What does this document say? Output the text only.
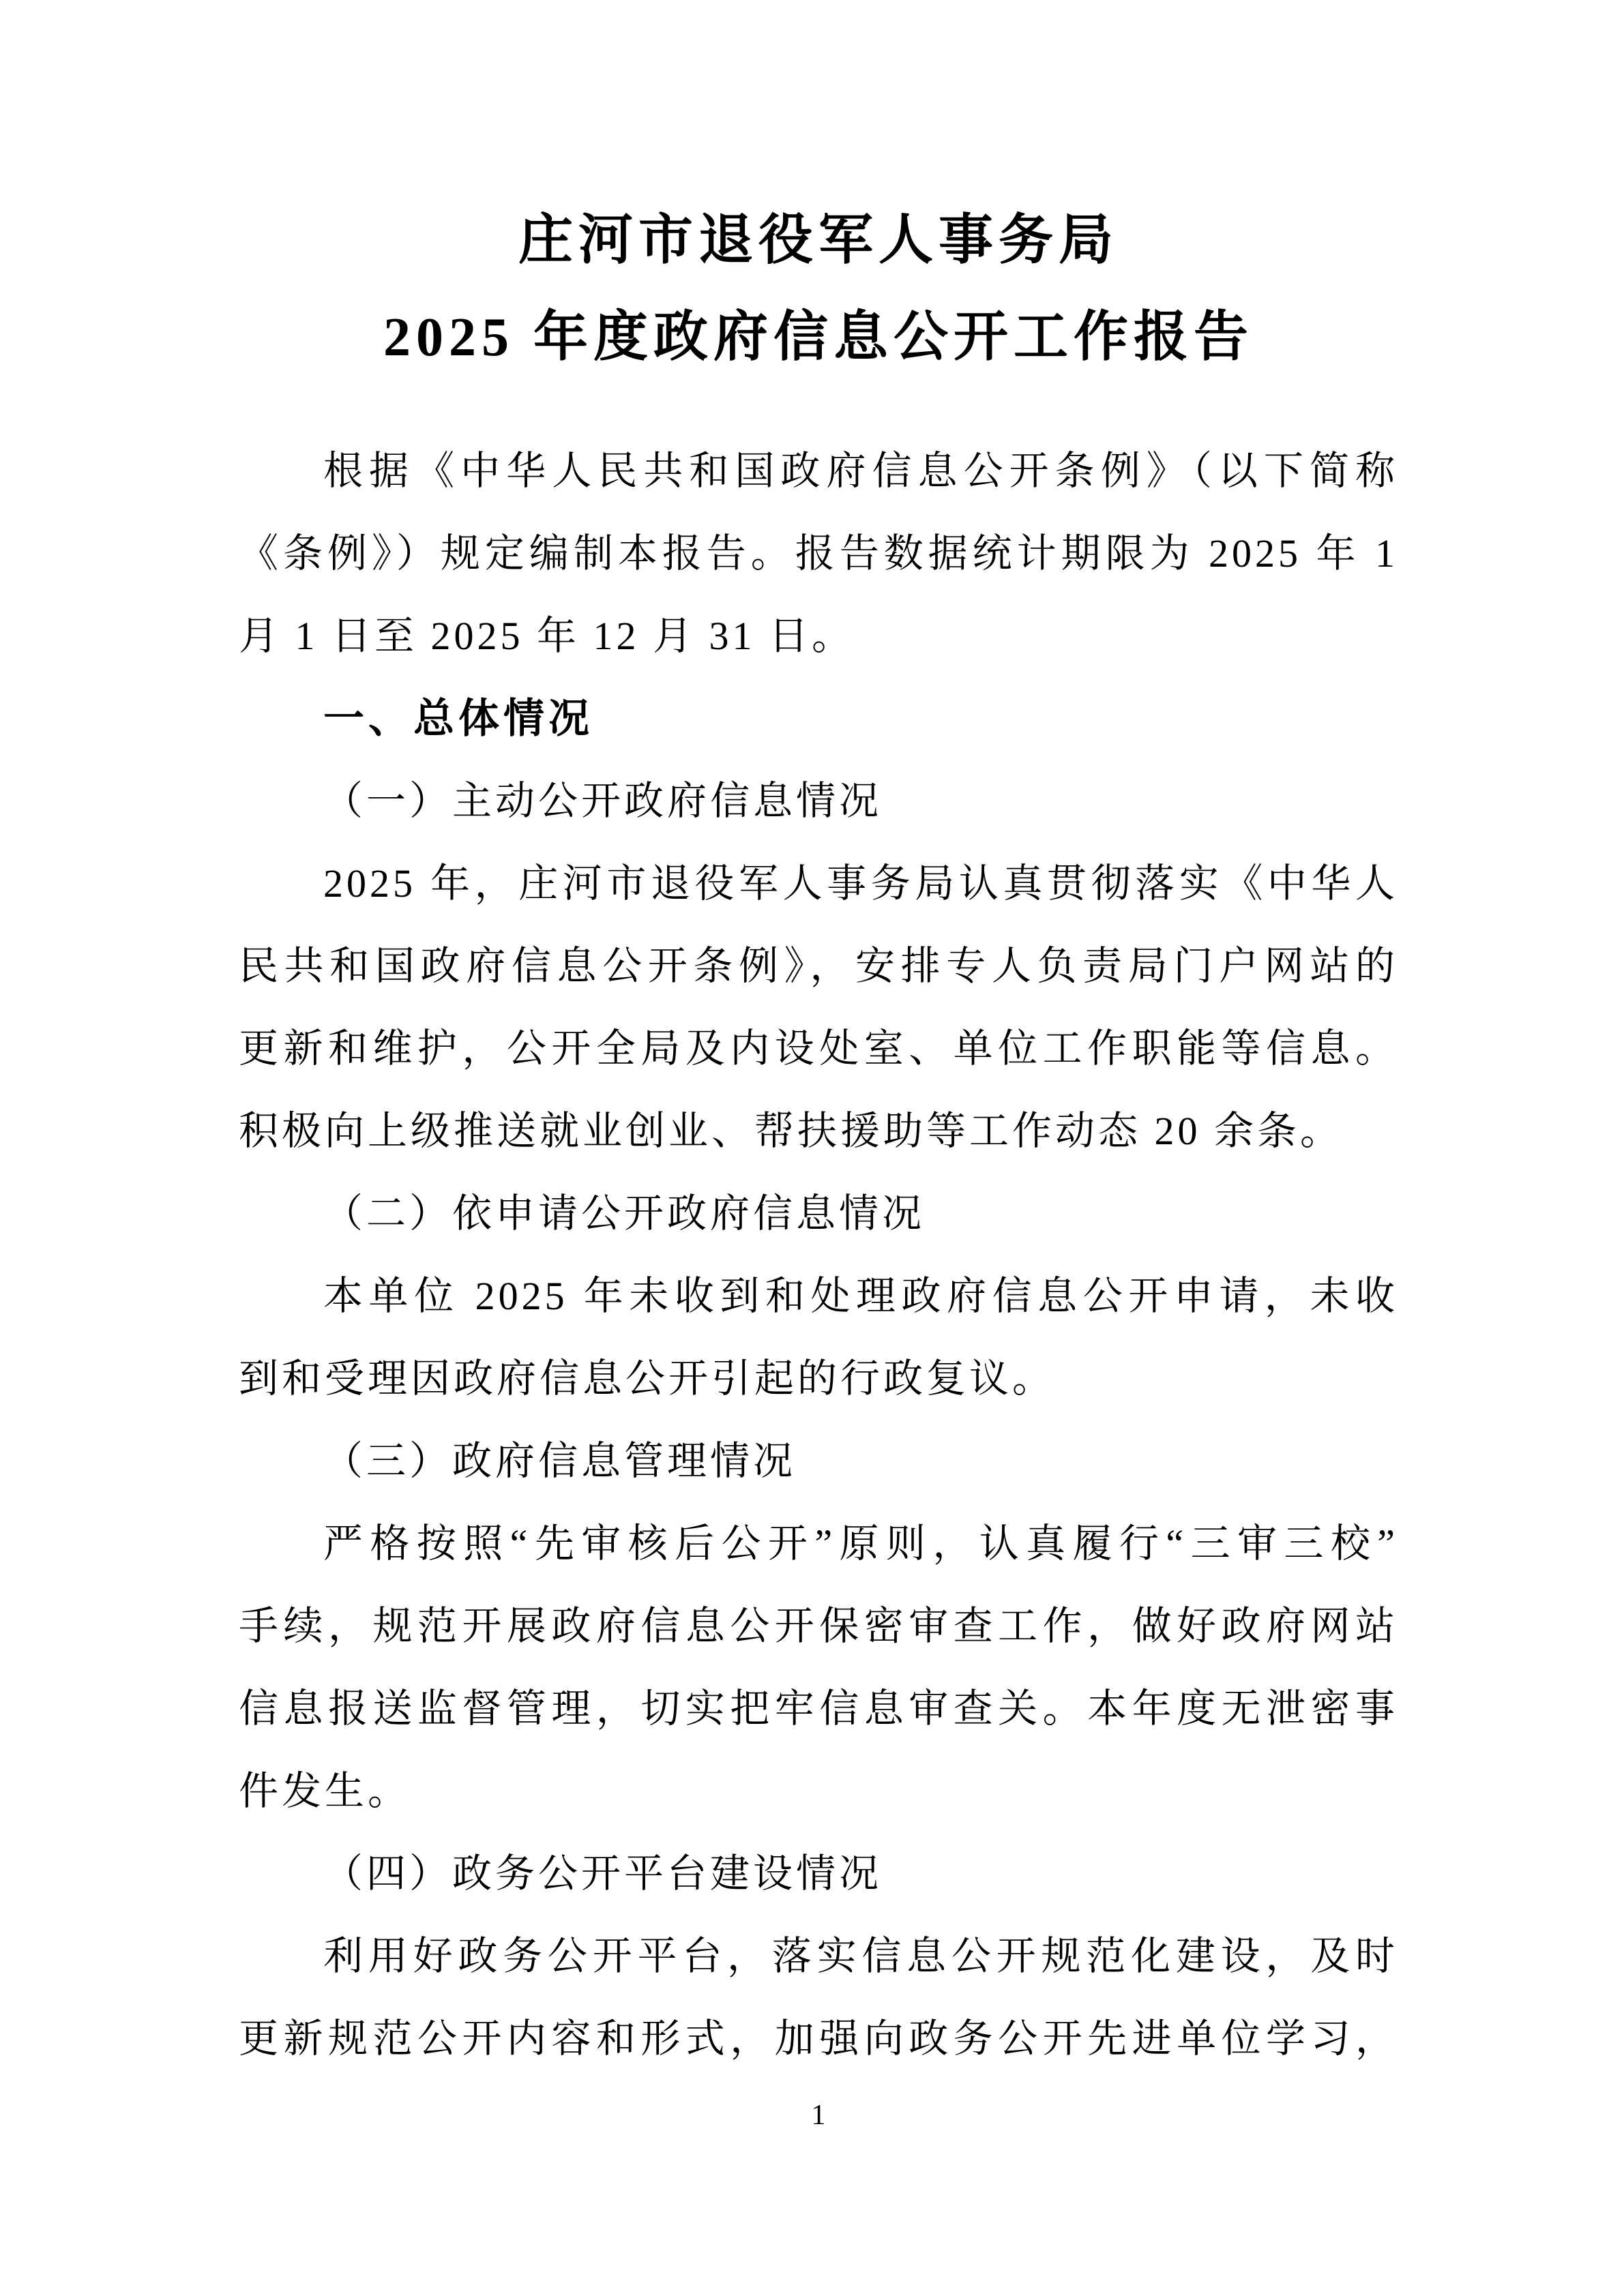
庄河市退役军人事务局
2025 年度政府信息公开工作报告
根据《中华人民共和国政府信息公开条例》（以下简称
《条例》）规定编制本报告。报告数据统计期限为 2025 年 1
月 1 日至 2025 年 12 月 31 日。
一、总体情况
（一）主动公开政府信息情况
2025 年，庄河市退役军人事务局认真贯彻落实《中华人
民共和国政府信息公开条例》，安排专人负责局门户网站的
更新和维护，公开全局及内设处室、单位工作职能等信息。
积极向上级推送就业创业、帮扶援助等工作动态 20 余条。
（二）依申请公开政府信息情况
本单位 2025 年未收到和处理政府信息公开申请，未收
到和受理因政府信息公开引起的行政复议。
（三）政府信息管理情况
严格按照“先审核后公开”原则，认真履行“三审三校”
手续，规范开展政府信息公开保密审查工作，做好政府网站
信息报送监督管理，切实把牢信息审查关。本年度无泄密事
件发生。
（四）政务公开平台建设情况
利用好政务公开平台，落实信息公开规范化建设，及时
更新规范公开内容和形式，加强向政务公开先进单位学习，
1
